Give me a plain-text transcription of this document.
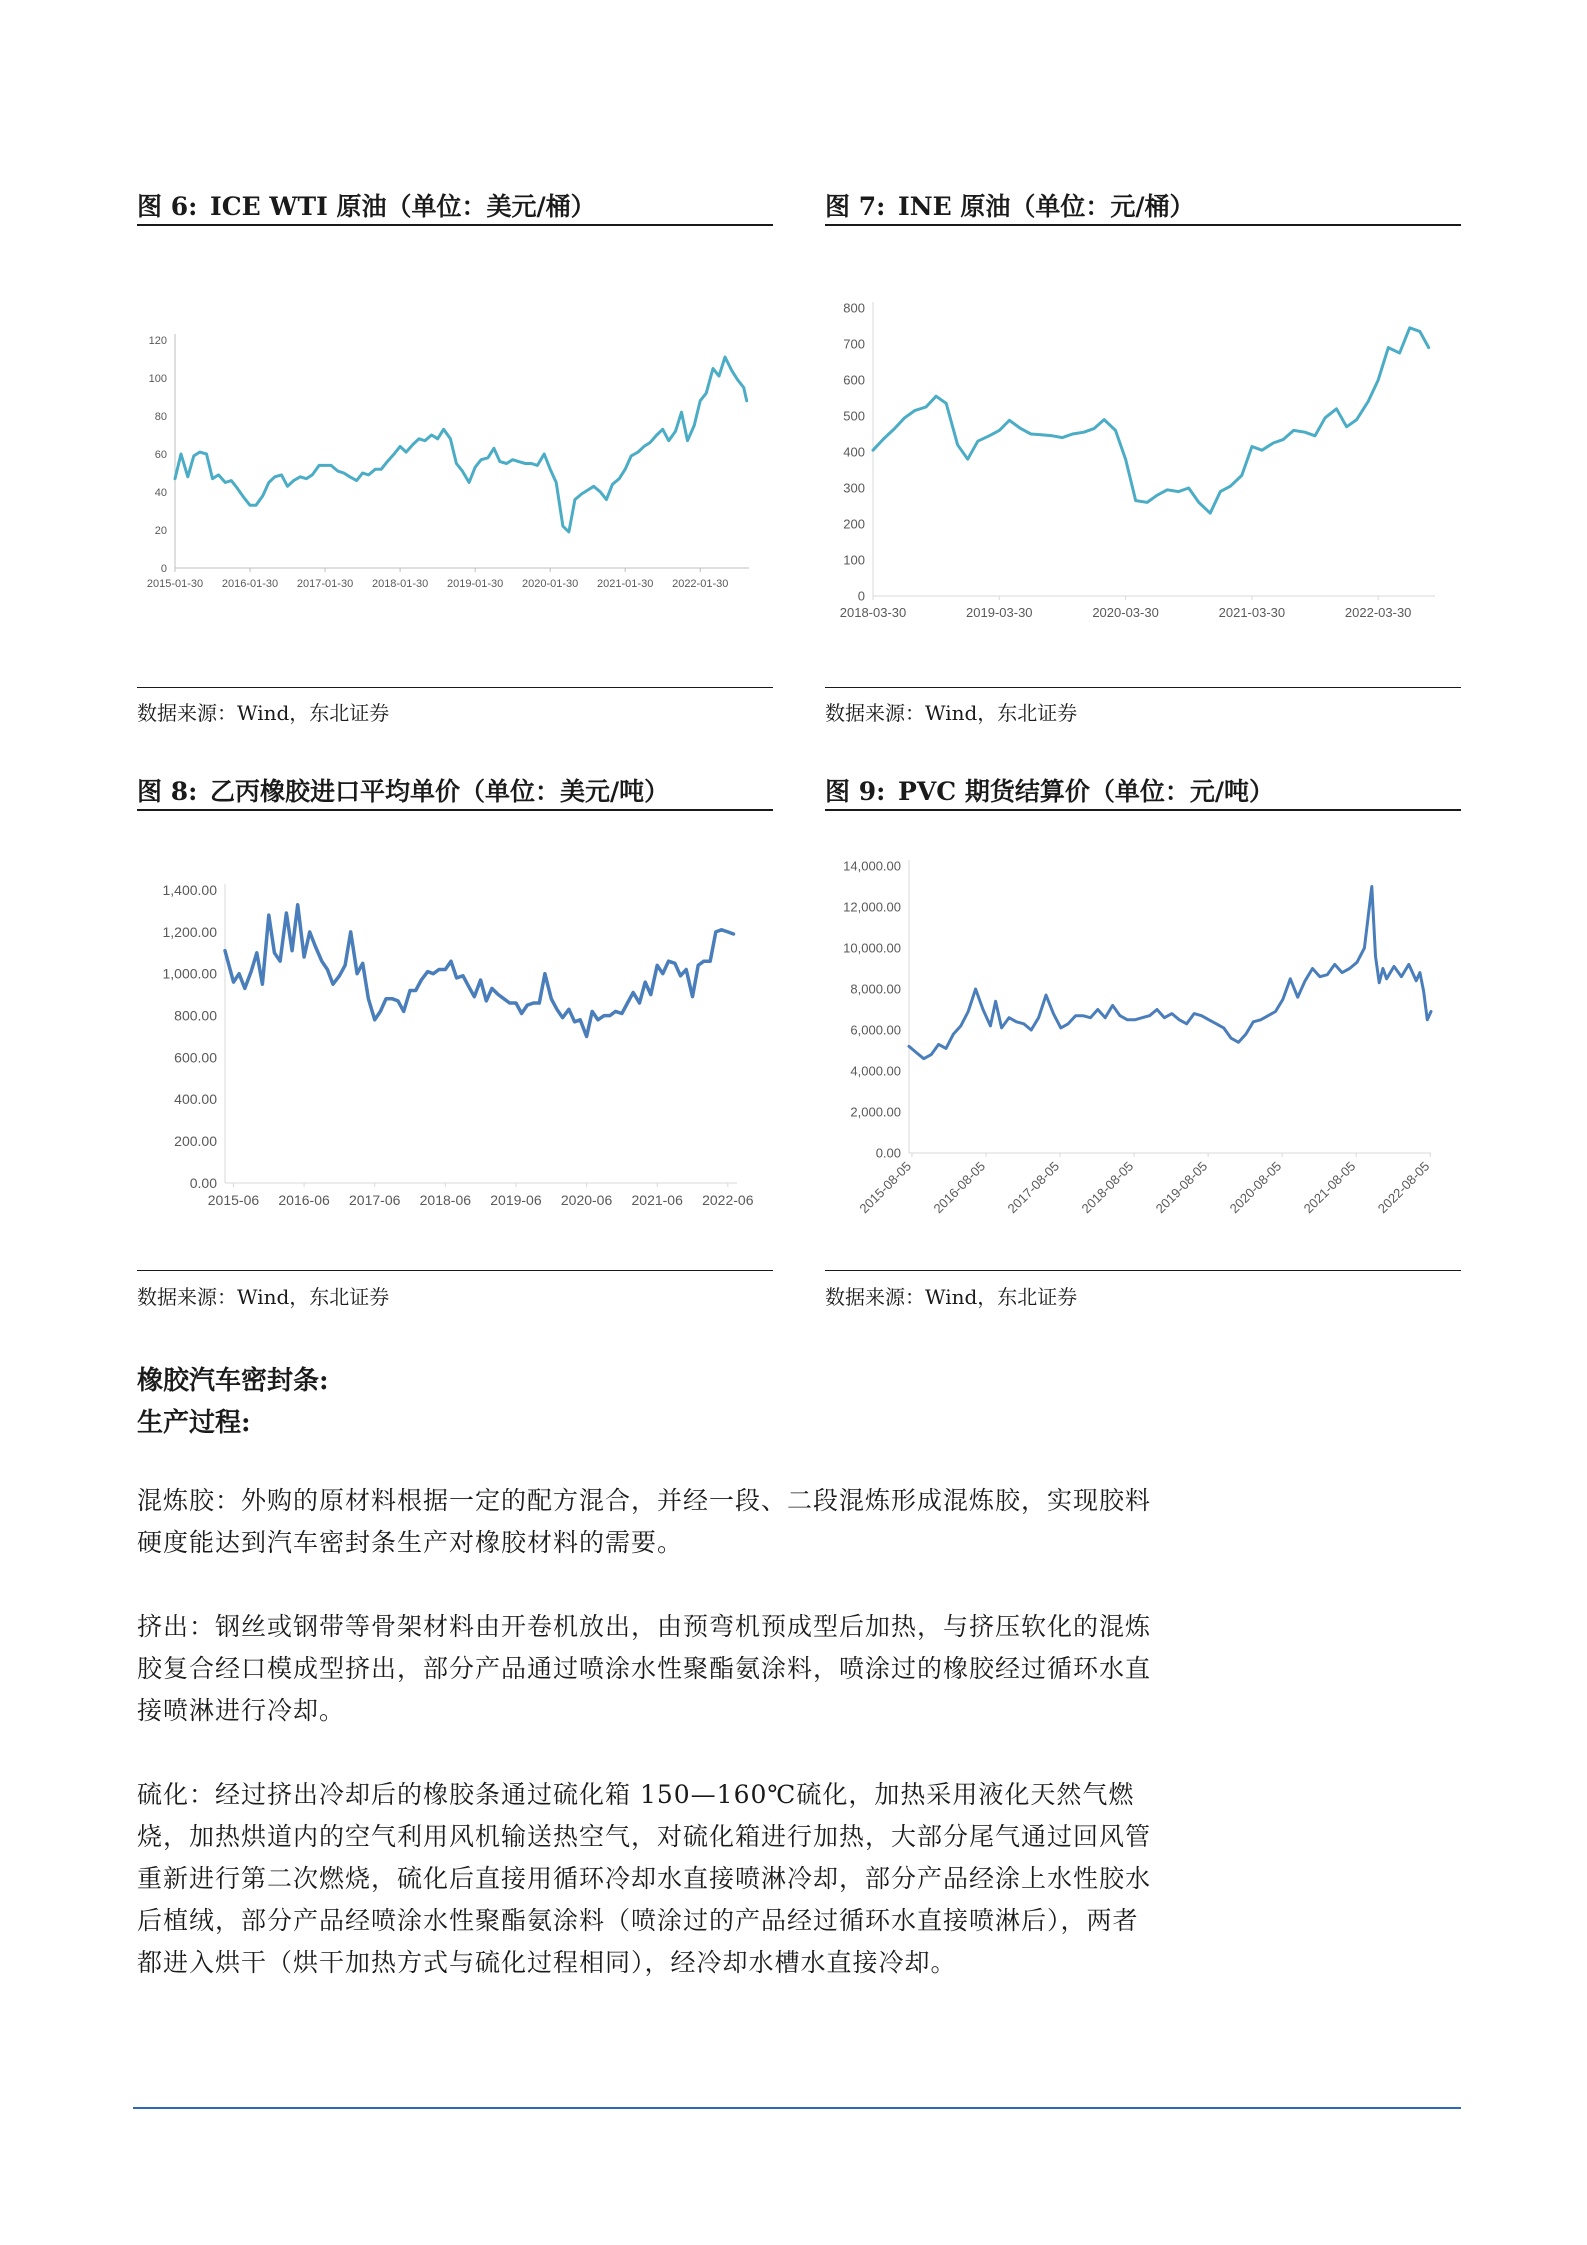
图 6: ICE WTI 原油（单位：美元/桶）
0
20
40
60
80
100
120
2015-01-30 2016-01-30 2017-01-30 2018-01-30 2019-01-30 2020-01-30 2021-01-30 2022-01-30
数据来源：Wind，东北证券
图 7: INE 原油（单位：元/桶）
0
100
200
300
400
500
600
700
800
2018-03-30	2019-03-30	2020-03-30	2021-03-30	2022-03-30
数据来源：Wind，东北证券
图 8: 乙丙橡胶进口平均单价（单位：美元/吨）
0.00
200.00
400.00
600.00
800.00
1,000.00
1,200.00
1,400.00
2015-06 2016-06 2017-06 2018-06 2019-06 2020-06 2021-06 2022-06
数据来源：Wind，东北证券
图 9: PVC 期货结算价（单位：元/吨）
0.00
2,000.00
4,000.00
6,000.00
8,000.00
10,000.00
12,000.00
14,000.00
2015-08-05 2016-08-05 2017-08-05 2018-08-05 2019-08-05 2020-08-05 2021-08-05 2022-08-05
数据来源：Wind，东北证券
橡胶汽车密封条:
生产过程:

混炼胶：外购的原材料根据一定的配方混合，并经一段、二段混炼形成混炼胶，实现胶料硬度能达到汽车密封条生产对橡胶材料的需要。

挤出：钢丝或钢带等骨架材料由开卷机放出，由预弯机预成型后加热，与挤压软化的混炼胶复合经口模成型挤出，部分产品通过喷涂水性聚酯氨涂料，喷涂过的橡胶经过循环水直接喷淋进行冷却。

硫化：经过挤出冷却后的橡胶条通过硫化箱 150—160℃硫化，加热采用液化天然气燃烧，加热烘道内的空气利用风机输送热空气，对硫化箱进行加热，大部分尾气通过回风管重新进行第二次燃烧，硫化后直接用循环冷却水直接喷淋冷却，部分产品经涂上水性胶水后植绒，部分产品经喷涂水性聚酯氨涂料（喷涂过的产品经过循环水直接喷淋后），两者都进入烘干（烘干加热方式与硫化过程相同），经冷却水槽水直接冷却。
